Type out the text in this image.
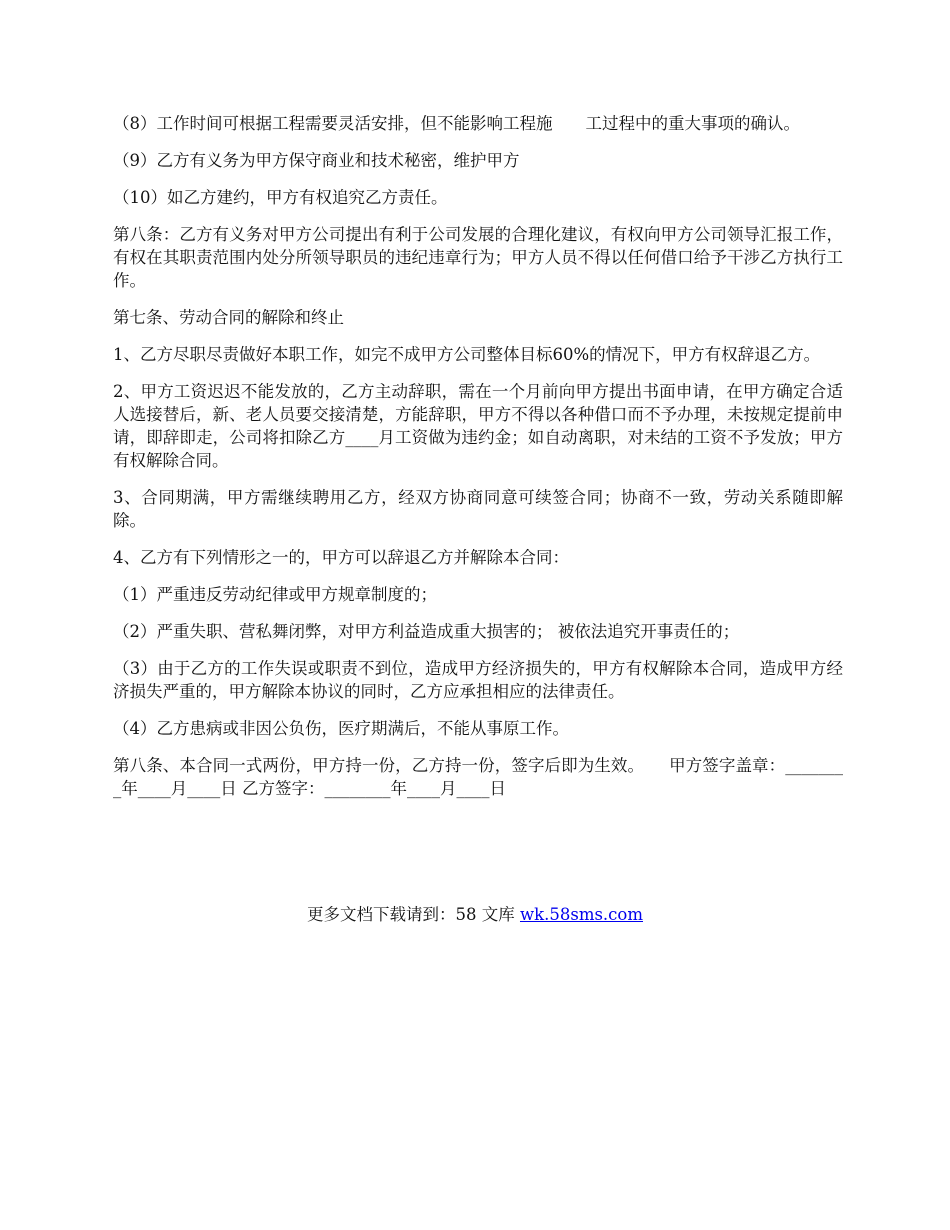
（8）工作时间可根据工程需要灵活安排，但不能影响工程施　　工过程中的重大事项的确认。

（9）乙方有义务为甲方保守商业和技术秘密，维护甲方

（10）如乙方建约，甲方有权追究乙方责任。

第八条：乙方有义务对甲方公司提出有利于公司发展的合理化建议，有权向甲方公司领导汇报工作，有权在其职责范围内处分所领导职员的违纪违章行为；甲方人员不得以任何借口给予干涉乙方执行工作。

第七条、劳动合同的解除和终止

1、乙方尽职尽责做好本职工作，如完不成甲方公司整体目标60%的情况下，甲方有权辞退乙方。

2、甲方工资迟迟不能发放的，乙方主动辞职，需在一个月前向甲方提出书面申请，在甲方确定合适人选接替后，新、老人员要交接清楚，方能辞职，甲方不得以各种借口而不予办理，未按规定提前申请，即辞即走，公司将扣除乙方____月工资做为违约金；如自动离职，对未结的工资不予发放；甲方有权解除合同。

3、合同期满，甲方需继续聘用乙方，经双方协商同意可续签合同；协商不一致，劳动关系随即解除。

4、乙方有下列情形之一的，甲方可以辞退乙方并解除本合同：

（1）严重违反劳动纪律或甲方规章制度的；

（2）严重失职、营私舞闭弊，对甲方利益造成重大损害的； 被依法追究开事责任的；

（3）由于乙方的工作失误或职责不到位，造成甲方经济损失的，甲方有权解除本合同，造成甲方经济损失严重的，甲方解除本协议的同时，乙方应承担相应的法律责任。

（4）乙方患病或非因公负伤，医疗期满后，不能从事原工作。

第八条、本合同一式两份，甲方持一份，乙方持一份，签字后即为生效。　　甲方签字盖章：________年____月____日 乙方签字：________年____月____日

更多文档下载请到：58 文库 wk.58sms.com
